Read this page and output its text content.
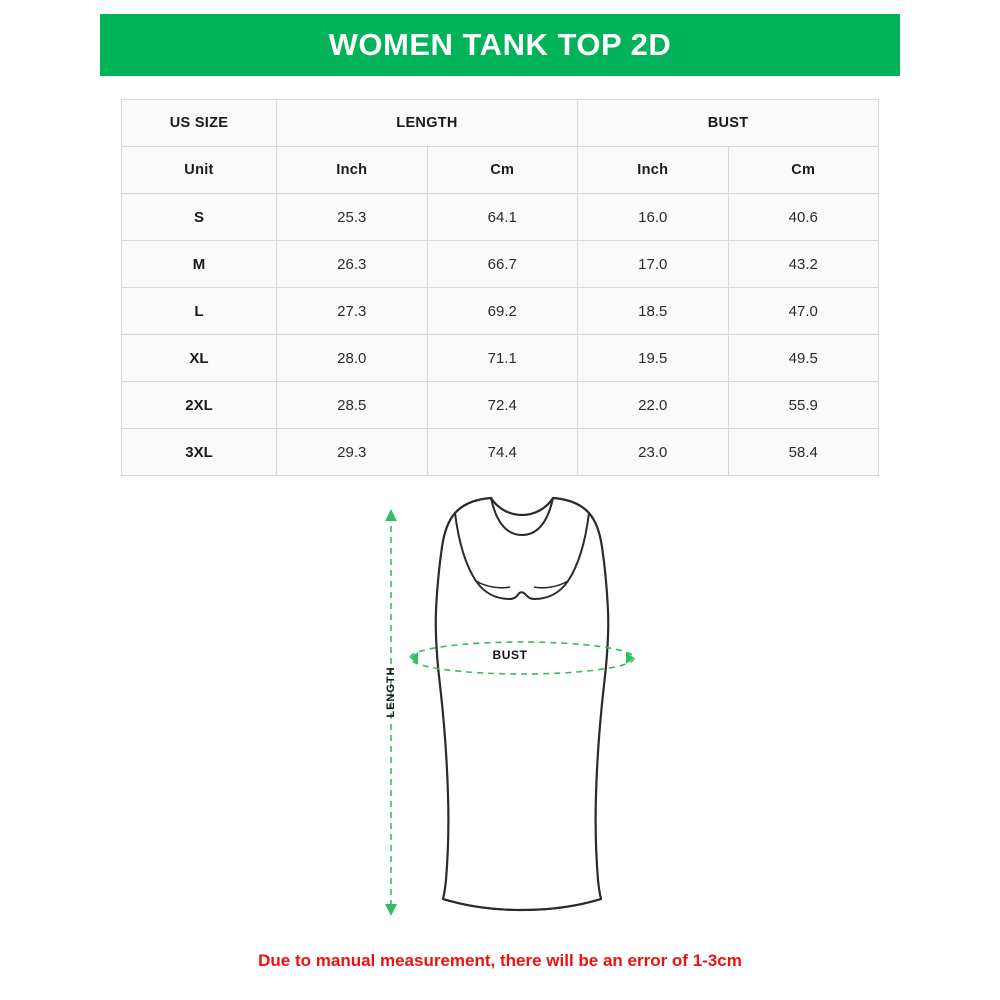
WOMEN TANK TOP 2D
US SIZE	LENGTH		BUST	
Unit	Inch	Cm	Inch	Cm
S	25.3	64.1	16.0	40.6
M	26.3	66.7	17.0	43.2
L	27.3	69.2	18.5	47.0
XL	28.0	71.1	19.5	49.5
2XL	28.5	72.4	22.0	55.9
3XL	29.3	74.4	23.0	58.4
LENGTH
BUST
Due to manual measurement, there will be an error of 1-3cm
